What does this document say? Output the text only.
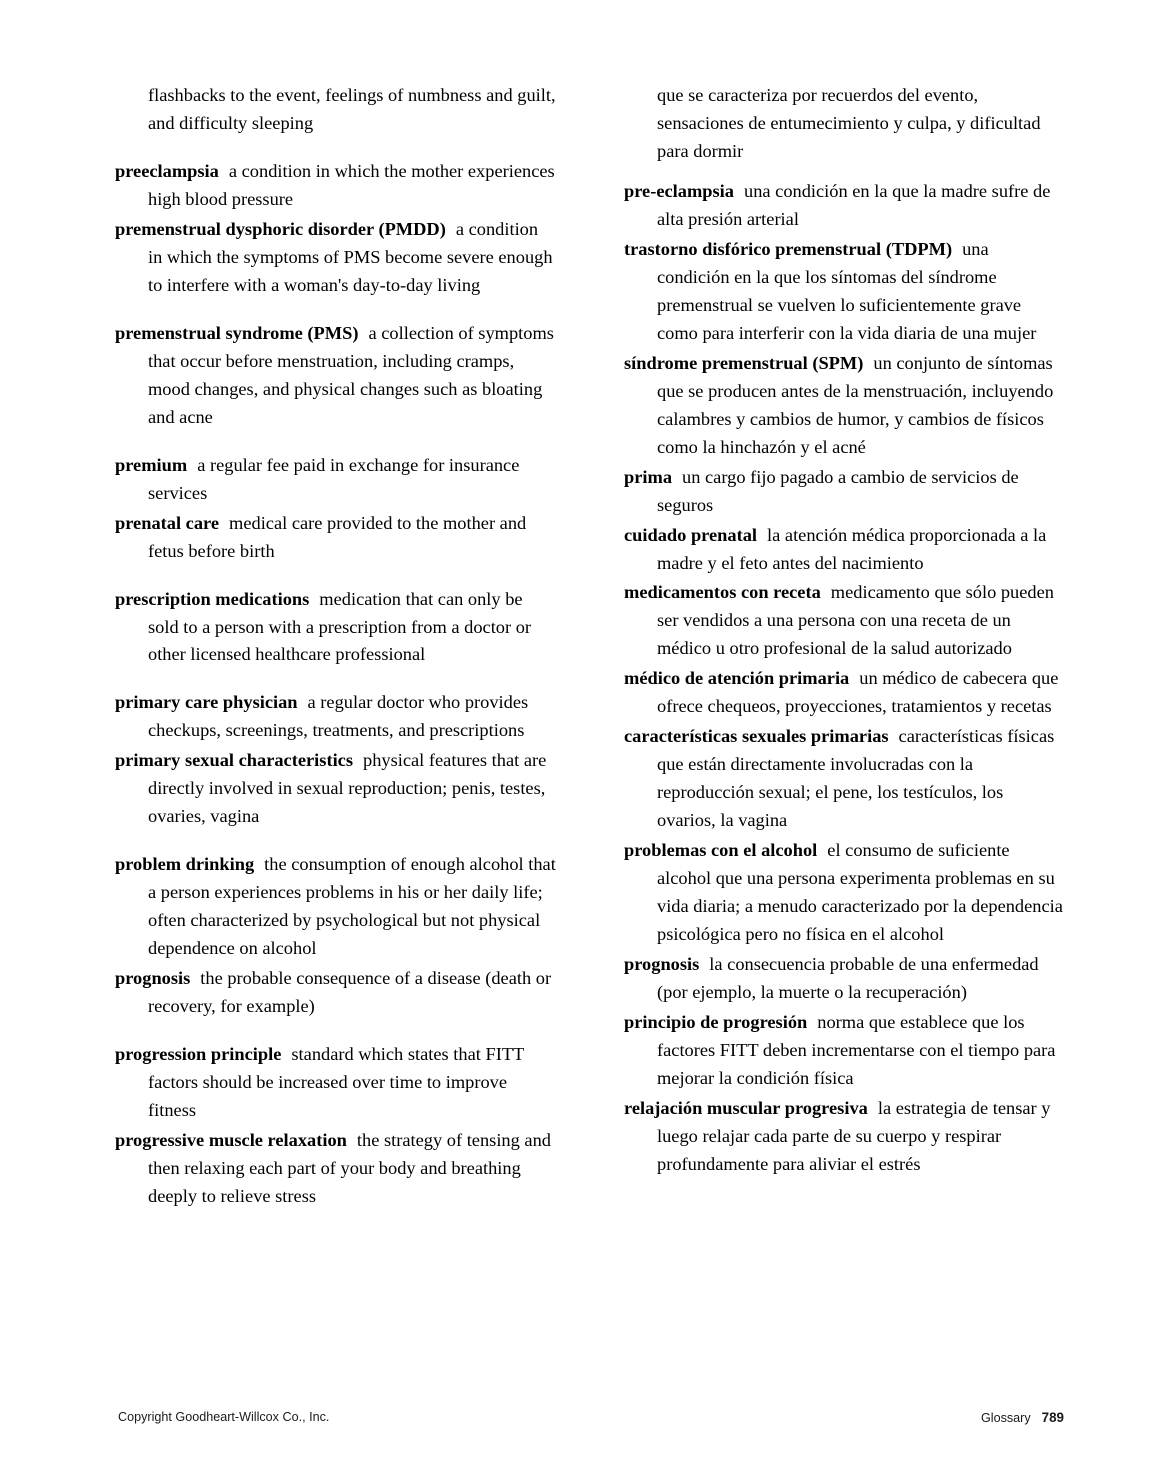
flashbacks to the event, feelings of numbness and guilt, and difficulty sleeping

preeclampsia a condition in which the mother experiences high blood pressure

premenstrual dysphoric disorder (PMDD) a condition in which the symptoms of PMS become severe enough to interfere with a woman's day-to-day living

premenstrual syndrome (PMS) a collection of symptoms that occur before menstruation, including cramps, mood changes, and physical changes such as bloating and acne

premium a regular fee paid in exchange for insurance services

prenatal care medical care provided to the mother and fetus before birth

prescription medications medication that can only be sold to a person with a prescription from a doctor or other licensed healthcare professional

primary care physician a regular doctor who provides checkups, screenings, treatments, and prescriptions

primary sexual characteristics physical features that are directly involved in sexual reproduction; penis, testes, ovaries, vagina

problem drinking the consumption of enough alcohol that a person experiences problems in his or her daily life; often characterized by psychological but not physical dependence on alcohol

prognosis the probable consequence of a disease (death or recovery, for example)

progression principle standard which states that FITT factors should be increased over time to improve fitness

progressive muscle relaxation the strategy of tensing and then relaxing each part of your body and breathing deeply to relieve stress

que se caracteriza por recuerdos del evento, sensaciones de entumecimiento y culpa, y dificultad para dormir

pre-eclampsia una condición en la que la madre sufre de alta presión arterial

trastorno disfórico premenstrual (TDPM) una condición en la que los síntomas del síndrome premenstrual se vuelven lo suficientemente grave como para interferir con la vida diaria de una mujer

síndrome premenstrual (SPM) un conjunto de síntomas que se producen antes de la menstruación, incluyendo calambres y cambios de humor, y cambios de físicos como la hinchazón y el acné

prima un cargo fijo pagado a cambio de servicios de seguros

cuidado prenatal la atención médica proporcionada a la madre y el feto antes del nacimiento

medicamentos con receta medicamento que sólo pueden ser vendidos a una persona con una receta de un médico u otro profesional de la salud autorizado

médico de atención primaria un médico de cabecera que ofrece chequeos, proyecciones, tratamientos y recetas

características sexuales primarias características físicas que están directamente involucradas con la reproducción sexual; el pene, los testículos, los ovarios, la vagina

problemas con el alcohol el consumo de suficiente alcohol que una persona experimenta problemas en su vida diaria; a menudo caracterizado por la dependencia psicológica pero no física en el alcohol

prognosis la consecuencia probable de una enfermedad (por ejemplo, la muerte o la recuperación)

principio de progresión norma que establece que los factores FITT deben incrementarse con el tiempo para mejorar la condición física

relajación muscular progresiva la estrategia de tensar y luego relajar cada parte de su cuerpo y respirar profundamente para aliviar el estrés

Copyright Goodheart-Willcox Co., Inc.	Glossary 789
